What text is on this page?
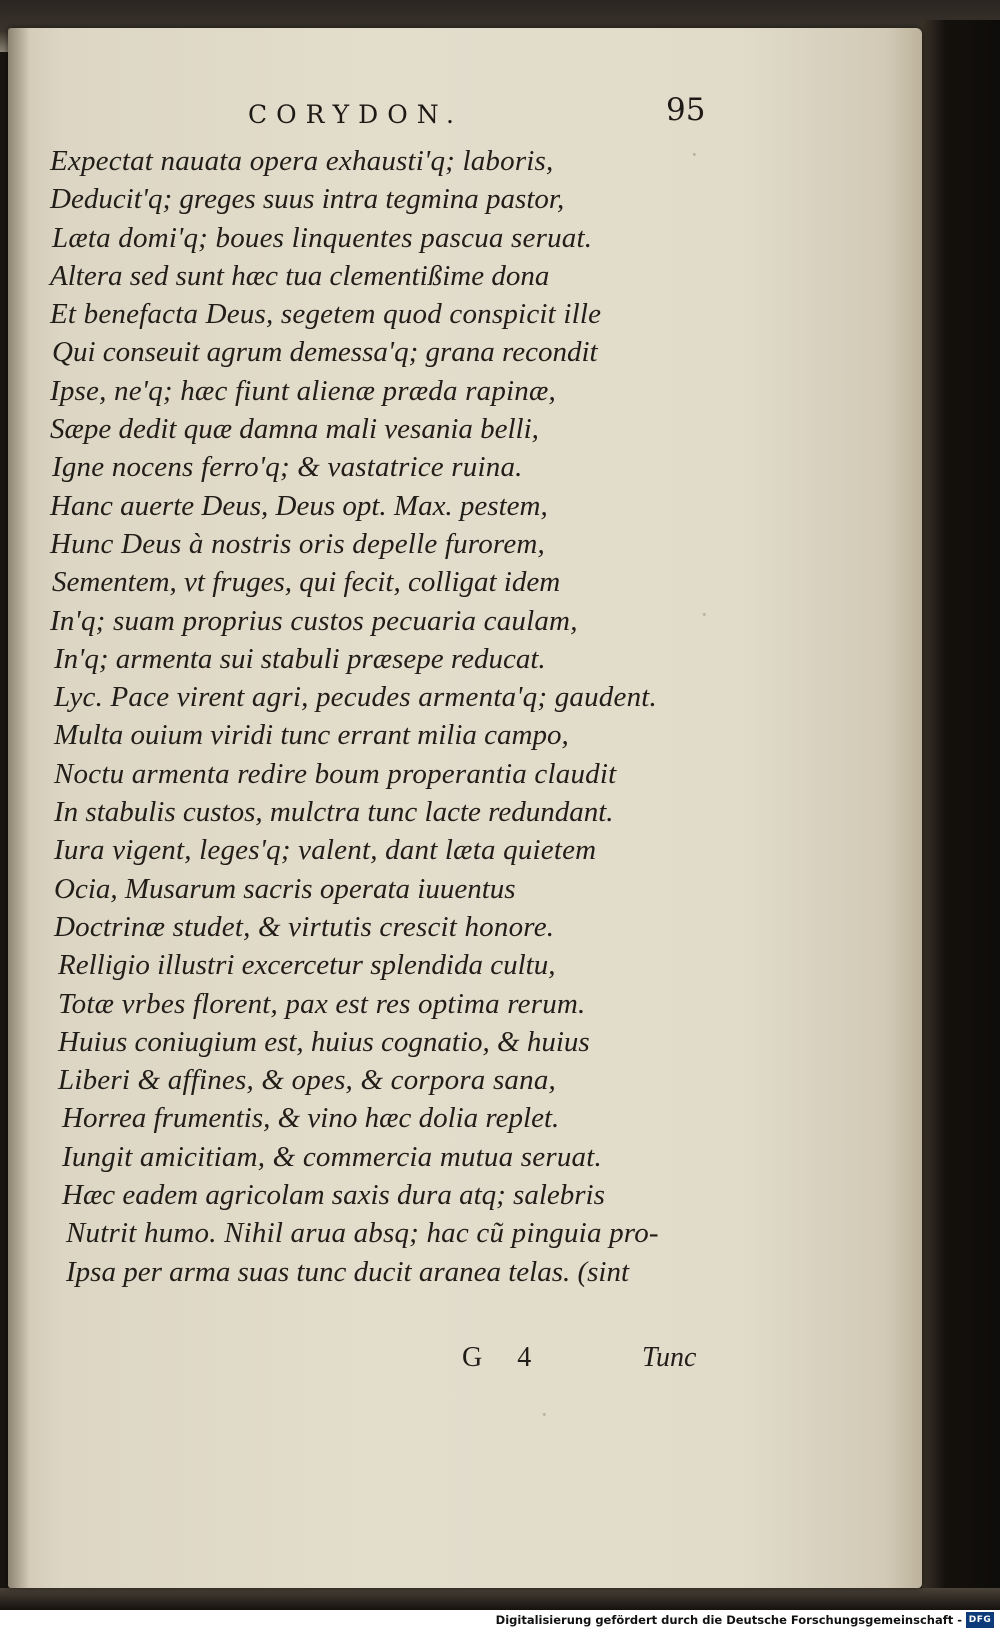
CORYDON.	95
Expectat nauata opera exhausti'q; laboris,
Deducit'q; greges suus intra tegmina pastor,
Læta domi'q; boues linquentes pascua seruat.
Altera sed sunt hæc tua clementißime dona
Et benefacta Deus, segetem quod conspicit ille
Qui conseuit agrum demessa'q; grana recondit
Ipse, ne'q; hæc fiunt alienæ præda rapinæ,
Sæpe dedit quæ damna mali vesania belli,
Igne nocens ferro'q; & vastatrice ruina.
Hanc auerte Deus, Deus opt. Max. pestem,
Hunc Deus à nostris oris depelle furorem,
Sementem, vt fruges, qui fecit, colligat idem
In'q; suam proprius custos pecuaria caulam,
In'q; armenta sui stabuli præsepe reducat.
Lyc. Pace virent agri, pecudes armenta'q; gaudent.
Multa ouium viridi tunc errant milia campo,
Noctu armenta redire boum properantia claudit
In stabulis custos, mulctra tunc lacte redundant.
Iura vigent, leges'q; valent, dant læta quietem
Ocia, Musarum sacris operata iuuentus
Doctrinæ studet, & virtutis crescit honore.
Relligio illustri excercetur splendida cultu,
Totæ vrbes florent, pax est res optima rerum.
Huius coniugium est, huius cognatio, & huius
Liberi & affines, & opes, & corpora sana,
Horrea frumentis, & vino hæc dolia replet.
Iungit amicitiam, & commercia mutua seruat.
Hæc eadem agricolam saxis dura atq; salebris
Nutrit humo. Nihil arua absq; hac cũ pinguia pro-
Ipsa per arma suas tunc ducit aranea telas. (sint
G 4	Tunc
·
·
·
Digitalisierung gefördert durch die Deutsche Forschungsgemeinschaft - DFG
